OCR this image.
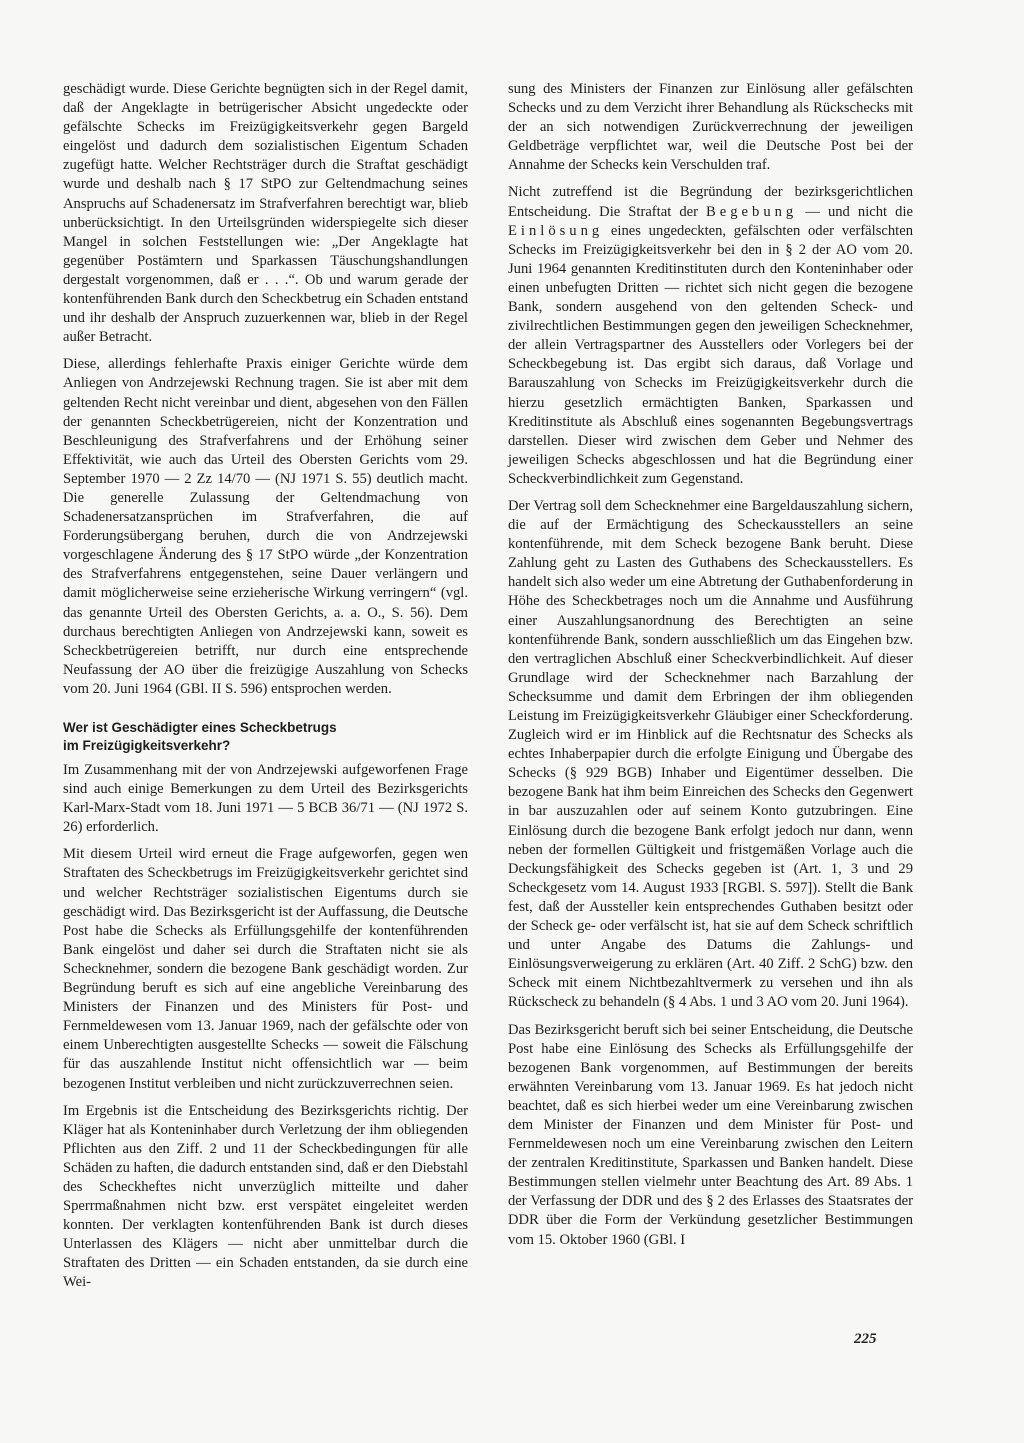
geschädigt wurde. Diese Gerichte begnügten sich in der Regel damit, daß der Angeklagte in betrügerischer Absicht ungedeckte oder gefälschte Schecks im Freizügigkeitsverkehr gegen Bargeld eingelöst und dadurch dem sozialistischen Eigentum Schaden zugefügt hatte. Welcher Rechtsträger durch die Straftat geschädigt wurde und deshalb nach § 17 StPO zur Geltendmachung seines Anspruchs auf Schadenersatz im Strafverfahren berechtigt war, blieb unberücksichtigt. In den Urteilsgründen widerspiegelte sich dieser Mangel in solchen Feststellungen wie: „Der Angeklagte hat gegenüber Postämtern und Sparkassen Täuschungshandlungen dergestalt vorgenommen, daß er . . .“. Ob und warum gerade der kontenführenden Bank durch den Scheckbetrug ein Schaden entstand und ihr deshalb der Anspruch zuzuerkennen war, blieb in der Regel außer Betracht.

Diese, allerdings fehlerhafte Praxis einiger Gerichte würde dem Anliegen von Andrzejewski Rechnung tragen. Sie ist aber mit dem geltenden Recht nicht vereinbar und dient, abgesehen von den Fällen der genannten Scheckbetrügereien, nicht der Konzentration und Beschleunigung des Strafverfahrens und der Erhöhung seiner Effektivität, wie auch das Urteil des Obersten Gerichts vom 29. September 1970 — 2 Zz 14/70 — (NJ 1971 S. 55) deutlich macht. Die generelle Zulassung der Geltendmachung von Schadenersatzansprüchen im Strafverfahren, die auf Forderungsübergang beruhen, durch die von Andrzejewski vorgeschlagene Änderung des § 17 StPO würde „der Konzentration des Strafverfahrens entgegenstehen, seine Dauer verlängern und damit möglicherweise seine erzieherische Wirkung verringern“ (vgl. das genannte Urteil des Obersten Gerichts, a. a. O., S. 56). Dem durchaus berechtigten Anliegen von Andrzejewski kann, soweit es Scheckbetrügereien betrifft, nur durch eine entsprechende Neufassung der AO über die freizügige Auszahlung von Schecks vom 20. Juni 1964 (GBl. II S. 596) entsprochen werden.

Wer ist Geschädigter eines Scheckbetrugs
im Freizügigkeitsverkehr?

Im Zusammenhang mit der von Andrzejewski aufgeworfenen Frage sind auch einige Bemerkungen zu dem Urteil des Bezirksgerichts Karl-Marx-Stadt vom 18. Juni 1971 — 5 BCB 36/71 — (NJ 1972 S. 26) erforderlich.

Mit diesem Urteil wird erneut die Frage aufgeworfen, gegen wen Straftaten des Scheckbetrugs im Freizügigkeitsverkehr gerichtet sind und welcher Rechtsträger sozialistischen Eigentums durch sie geschädigt wird. Das Bezirksgericht ist der Auffassung, die Deutsche Post habe die Schecks als Erfüllungsgehilfe der kontenführenden Bank eingelöst und daher sei durch die Straftaten nicht sie als Schecknehmer, sondern die bezogene Bank geschädigt worden. Zur Begründung beruft es sich auf eine angebliche Vereinbarung des Ministers der Finanzen und des Ministers für Post- und Fernmeldewesen vom 13. Januar 1969, nach der gefälschte oder von einem Unberechtigten ausgestellte Schecks — soweit die Fälschung für das auszahlende Institut nicht offensichtlich war — beim bezogenen Institut verbleiben und nicht zurückzuverrechnen seien.

Im Ergebnis ist die Entscheidung des Bezirksgerichts richtig. Der Kläger hat als Konteninhaber durch Verletzung der ihm obliegenden Pflichten aus den Ziff. 2 und 11 der Scheckbedingungen für alle Schäden zu haften, die dadurch entstanden sind, daß er den Diebstahl des Scheckheftes nicht unverzüglich mitteilte und daher Sperrmaßnahmen nicht bzw. erst verspätet eingeleitet werden konnten. Der verklagten kontenführenden Bank ist durch dieses Unterlassen des Klägers — nicht aber unmittelbar durch die Straftaten des Dritten — ein Schaden entstanden, da sie durch eine Wei-

sung des Ministers der Finanzen zur Einlösung aller gefälschten Schecks und zu dem Verzicht ihrer Behandlung als Rückschecks mit der an sich notwendigen Zurückverrechnung der jeweiligen Geldbeträge verpflichtet war, weil die Deutsche Post bei der Annahme der Schecks kein Verschulden traf.

Nicht zutreffend ist die Begründung der bezirksgerichtlichen Entscheidung. Die Straftat der Begebung — und nicht die Einlösung eines ungedeckten, gefälschten oder verfälschten Schecks im Freizügigkeitsverkehr bei den in § 2 der AO vom 20. Juni 1964 genannten Kreditinstituten durch den Konteninhaber oder einen unbefugten Dritten — richtet sich nicht gegen die bezogene Bank, sondern ausgehend von den geltenden Scheck- und zivilrechtlichen Bestimmungen gegen den jeweiligen Schecknehmer, der allein Vertragspartner des Ausstellers oder Vorlegers bei der Scheckbegebung ist. Das ergibt sich daraus, daß Vorlage und Barauszahlung von Schecks im Freizügigkeitsverkehr durch die hierzu gesetzlich ermächtigten Banken, Sparkassen und Kreditinstitute als Abschluß eines sogenannten Begebungsvertrags darstellen. Dieser wird zwischen dem Geber und Nehmer des jeweiligen Schecks abgeschlossen und hat die Begründung einer Scheckverbindlichkeit zum Gegenstand.

Der Vertrag soll dem Schecknehmer eine Bargeldauszahlung sichern, die auf der Ermächtigung des Scheckausstellers an seine kontenführende, mit dem Scheck bezogene Bank beruht. Diese Zahlung geht zu Lasten des Guthabens des Scheckausstellers. Es handelt sich also weder um eine Abtretung der Guthabenforderung in Höhe des Scheckbetrages noch um die Annahme und Ausführung einer Auszahlungsanordnung des Berechtigten an seine kontenführende Bank, sondern ausschließlich um das Eingehen bzw. den vertraglichen Abschluß einer Scheckverbindlichkeit. Auf dieser Grundlage wird der Schecknehmer nach Barzahlung der Schecksumme und damit dem Erbringen der ihm obliegenden Leistung im Freizügigkeitsverkehr Gläubiger einer Scheckforderung. Zugleich wird er im Hinblick auf die Rechtsnatur des Schecks als echtes Inhaberpapier durch die erfolgte Einigung und Übergabe des Schecks (§ 929 BGB) Inhaber und Eigentümer desselben. Die bezogene Bank hat ihm beim Einreichen des Schecks den Gegenwert in bar auszuzahlen oder auf seinem Konto gutzubringen. Eine Einlösung durch die bezogene Bank erfolgt jedoch nur dann, wenn neben der formellen Gültigkeit und fristgemäßen Vorlage auch die Deckungsfähigkeit des Schecks gegeben ist (Art. 1, 3 und 29 Scheckgesetz vom 14. August 1933 [RGBl. S. 597]). Stellt die Bank fest, daß der Aussteller kein entsprechendes Guthaben besitzt oder der Scheck ge- oder verfälscht ist, hat sie auf dem Scheck schriftlich und unter Angabe des Datums die Zahlungs- und Einlösungsverweigerung zu erklären (Art. 40 Ziff. 2 SchG) bzw. den Scheck mit einem Nichtbezahltvermerk zu versehen und ihn als Rückscheck zu behandeln (§ 4 Abs. 1 und 3 AO vom 20. Juni 1964).

Das Bezirksgericht beruft sich bei seiner Entscheidung, die Deutsche Post habe eine Einlösung des Schecks als Erfüllungsgehilfe der bezogenen Bank vorgenommen, auf Bestimmungen der bereits erwähnten Vereinbarung vom 13. Januar 1969. Es hat jedoch nicht beachtet, daß es sich hierbei weder um eine Vereinbarung zwischen dem Minister der Finanzen und dem Minister für Post- und Fernmeldewesen noch um eine Vereinbarung zwischen den Leitern der zentralen Kreditinstitute, Sparkassen und Banken handelt. Diese Bestimmungen stellen vielmehr unter Beachtung des Art. 89 Abs. 1 der Verfassung der DDR und des § 2 des Erlasses des Staatsrates der DDR über die Form der Verkündung gesetzlicher Bestimmungen vom 15. Oktober 1960 (GBl. I

225
